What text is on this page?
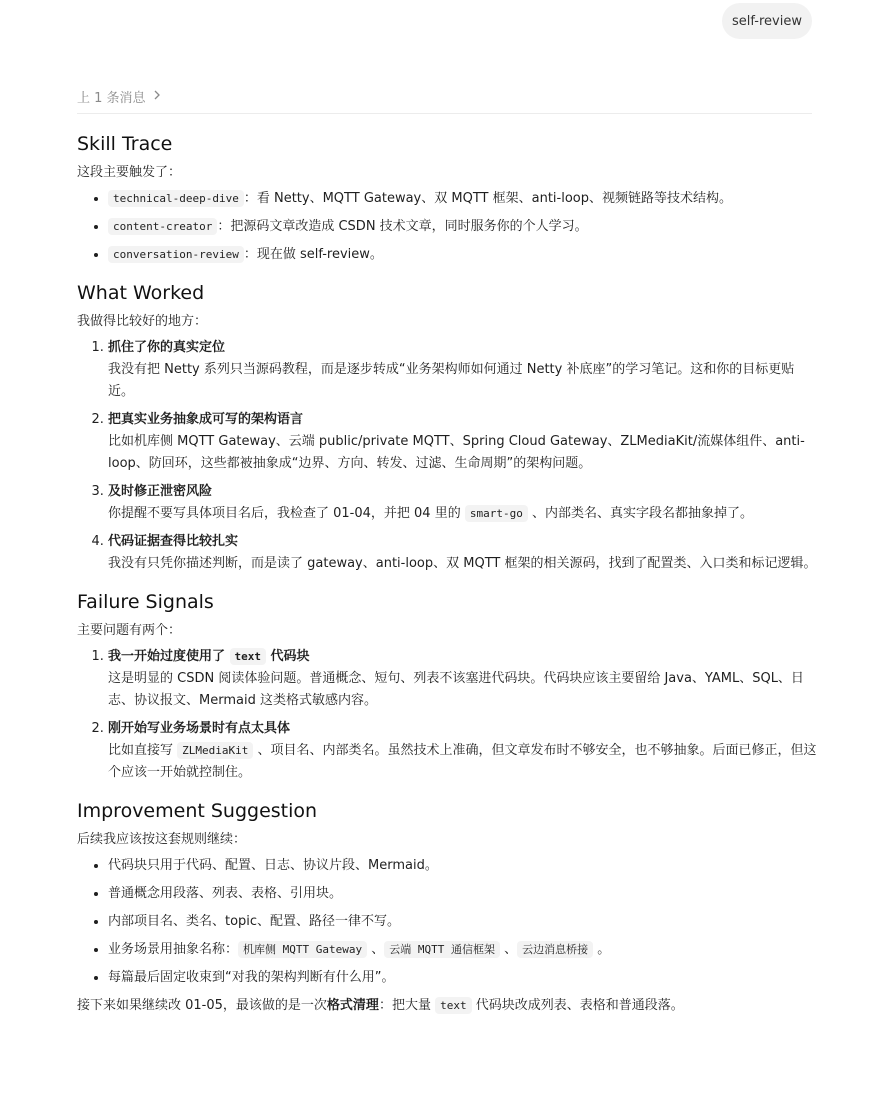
self-review
上 1 条消息
Skill Trace

这段主要触发了：

• technical-deep-dive ：看 Netty、MQTT Gateway、双 MQTT 框架、anti-loop、视频链路等技术结构。
• content-creator ：把源码文章改造成 CSDN 技术文章，同时服务你的个人学习。
• conversation-review ：现在做 self-review。
What Worked

我做得比较好的地方：

1. 抓住了你的真实定位
我没有把 Netty 系列只当源码教程，而是逐步转成“业务架构师如何通过 Netty 补底座”的学习笔记。这和你的目标更贴近。
2. 把真实业务抽象成可写的架构语言
比如机库侧 MQTT Gateway、云端 public/private MQTT、Spring Cloud Gateway、ZLMediaKit/流媒体组件、anti-loop、防回环，这些都被抽象成“边界、方向、转发、过滤、生命周期”的架构问题。
3. 及时修正泄密风险
你提醒不要写具体项目名后，我检查了 01-04，并把 04 里的 smart-go 、内部类名、真实字段名都抽象掉了。
4. 代码证据查得比较扎实
我没有只凭你描述判断，而是读了 gateway、anti-loop、双 MQTT 框架的相关源码，找到了配置类、入口类和标记逻辑。
Failure Signals

主要问题有两个：

1. 我一开始过度使用了 text 代码块
这是明显的 CSDN 阅读体验问题。普通概念、短句、列表不该塞进代码块。代码块应该主要留给 Java、YAML、SQL、日志、协议报文、Mermaid 这类格式敏感内容。
2. 刚开始写业务场景时有点太具体
比如直接写 ZLMediaKit 、项目名、内部类名。虽然技术上准确，但文章发布时不够安全，也不够抽象。后面已修正，但这个应该一开始就控制住。
Improvement Suggestion

后续我应该按这套规则继续：

• 代码块只用于代码、配置、日志、协议片段、Mermaid。
• 普通概念用段落、列表、表格、引用块。
• 内部项目名、类名、topic、配置、路径一律不写。
• 业务场景用抽象名称： 机库侧 MQTT Gateway 、 云端 MQTT 通信框架 、 云边消息桥接 。
• 每篇最后固定收束到“对我的架构判断有什么用”。

接下来如果继续改 01-05，最该做的是一次格式清理：把大量 text 代码块改成列表、表格和普通段落。
